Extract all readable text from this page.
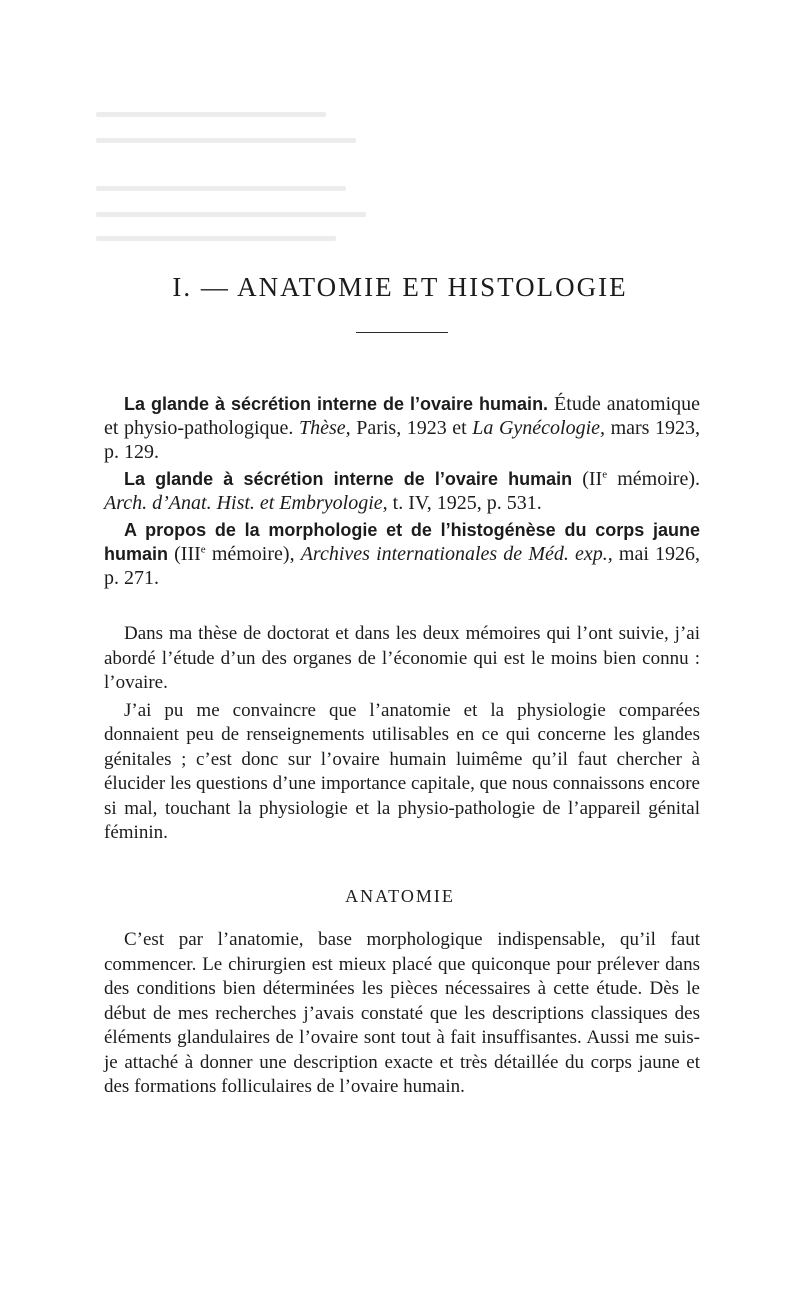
I. — ANATOMIE ET HISTOLOGIE

La glande à sécrétion interne de l’ovaire humain. Étude anatomique et physio-pathologique. Thèse, Paris, 1923 et La Gynécologie, mars 1923, p. 129.

La glande à sécrétion interne de l’ovaire humain (IIe mémoire). Arch. d’Anat. Hist. et Embryologie, t. IV, 1925, p. 531.

A propos de la morphologie et de l’histogénèse du corps jaune humain (IIIe mémoire), Archives internationales de Méd. exp., mai 1926, p. 271.

Dans ma thèse de doctorat et dans les deux mémoires qui l’ont suivie, j’ai abordé l’étude d’un des organes de l’économie qui est le moins bien connu : l’ovaire.

J’ai pu me convaincre que l’anatomie et la physiologie comparées donnaient peu de renseignements utilisables en ce qui concerne les glandes génitales ; c’est donc sur l’ovaire humain luimême qu’il faut chercher à élucider les questions d’une importance capitale, que nous connaissons encore si mal, touchant la physiologie et la physio-pathologie de l’appareil génital féminin.

ANATOMIE

C’est par l’anatomie, base morphologique indispensable, qu’il faut commencer. Le chirurgien est mieux placé que quiconque pour prélever dans des conditions bien déterminées les pièces nécessaires à cette étude. Dès le début de mes recherches j’avais constaté que les descriptions classiques des éléments glandulaires de l’ovaire sont tout à fait insuffisantes. Aussi me suis-je attaché à donner une description exacte et très détaillée du corps jaune et des formations folliculaires de l’ovaire humain.
